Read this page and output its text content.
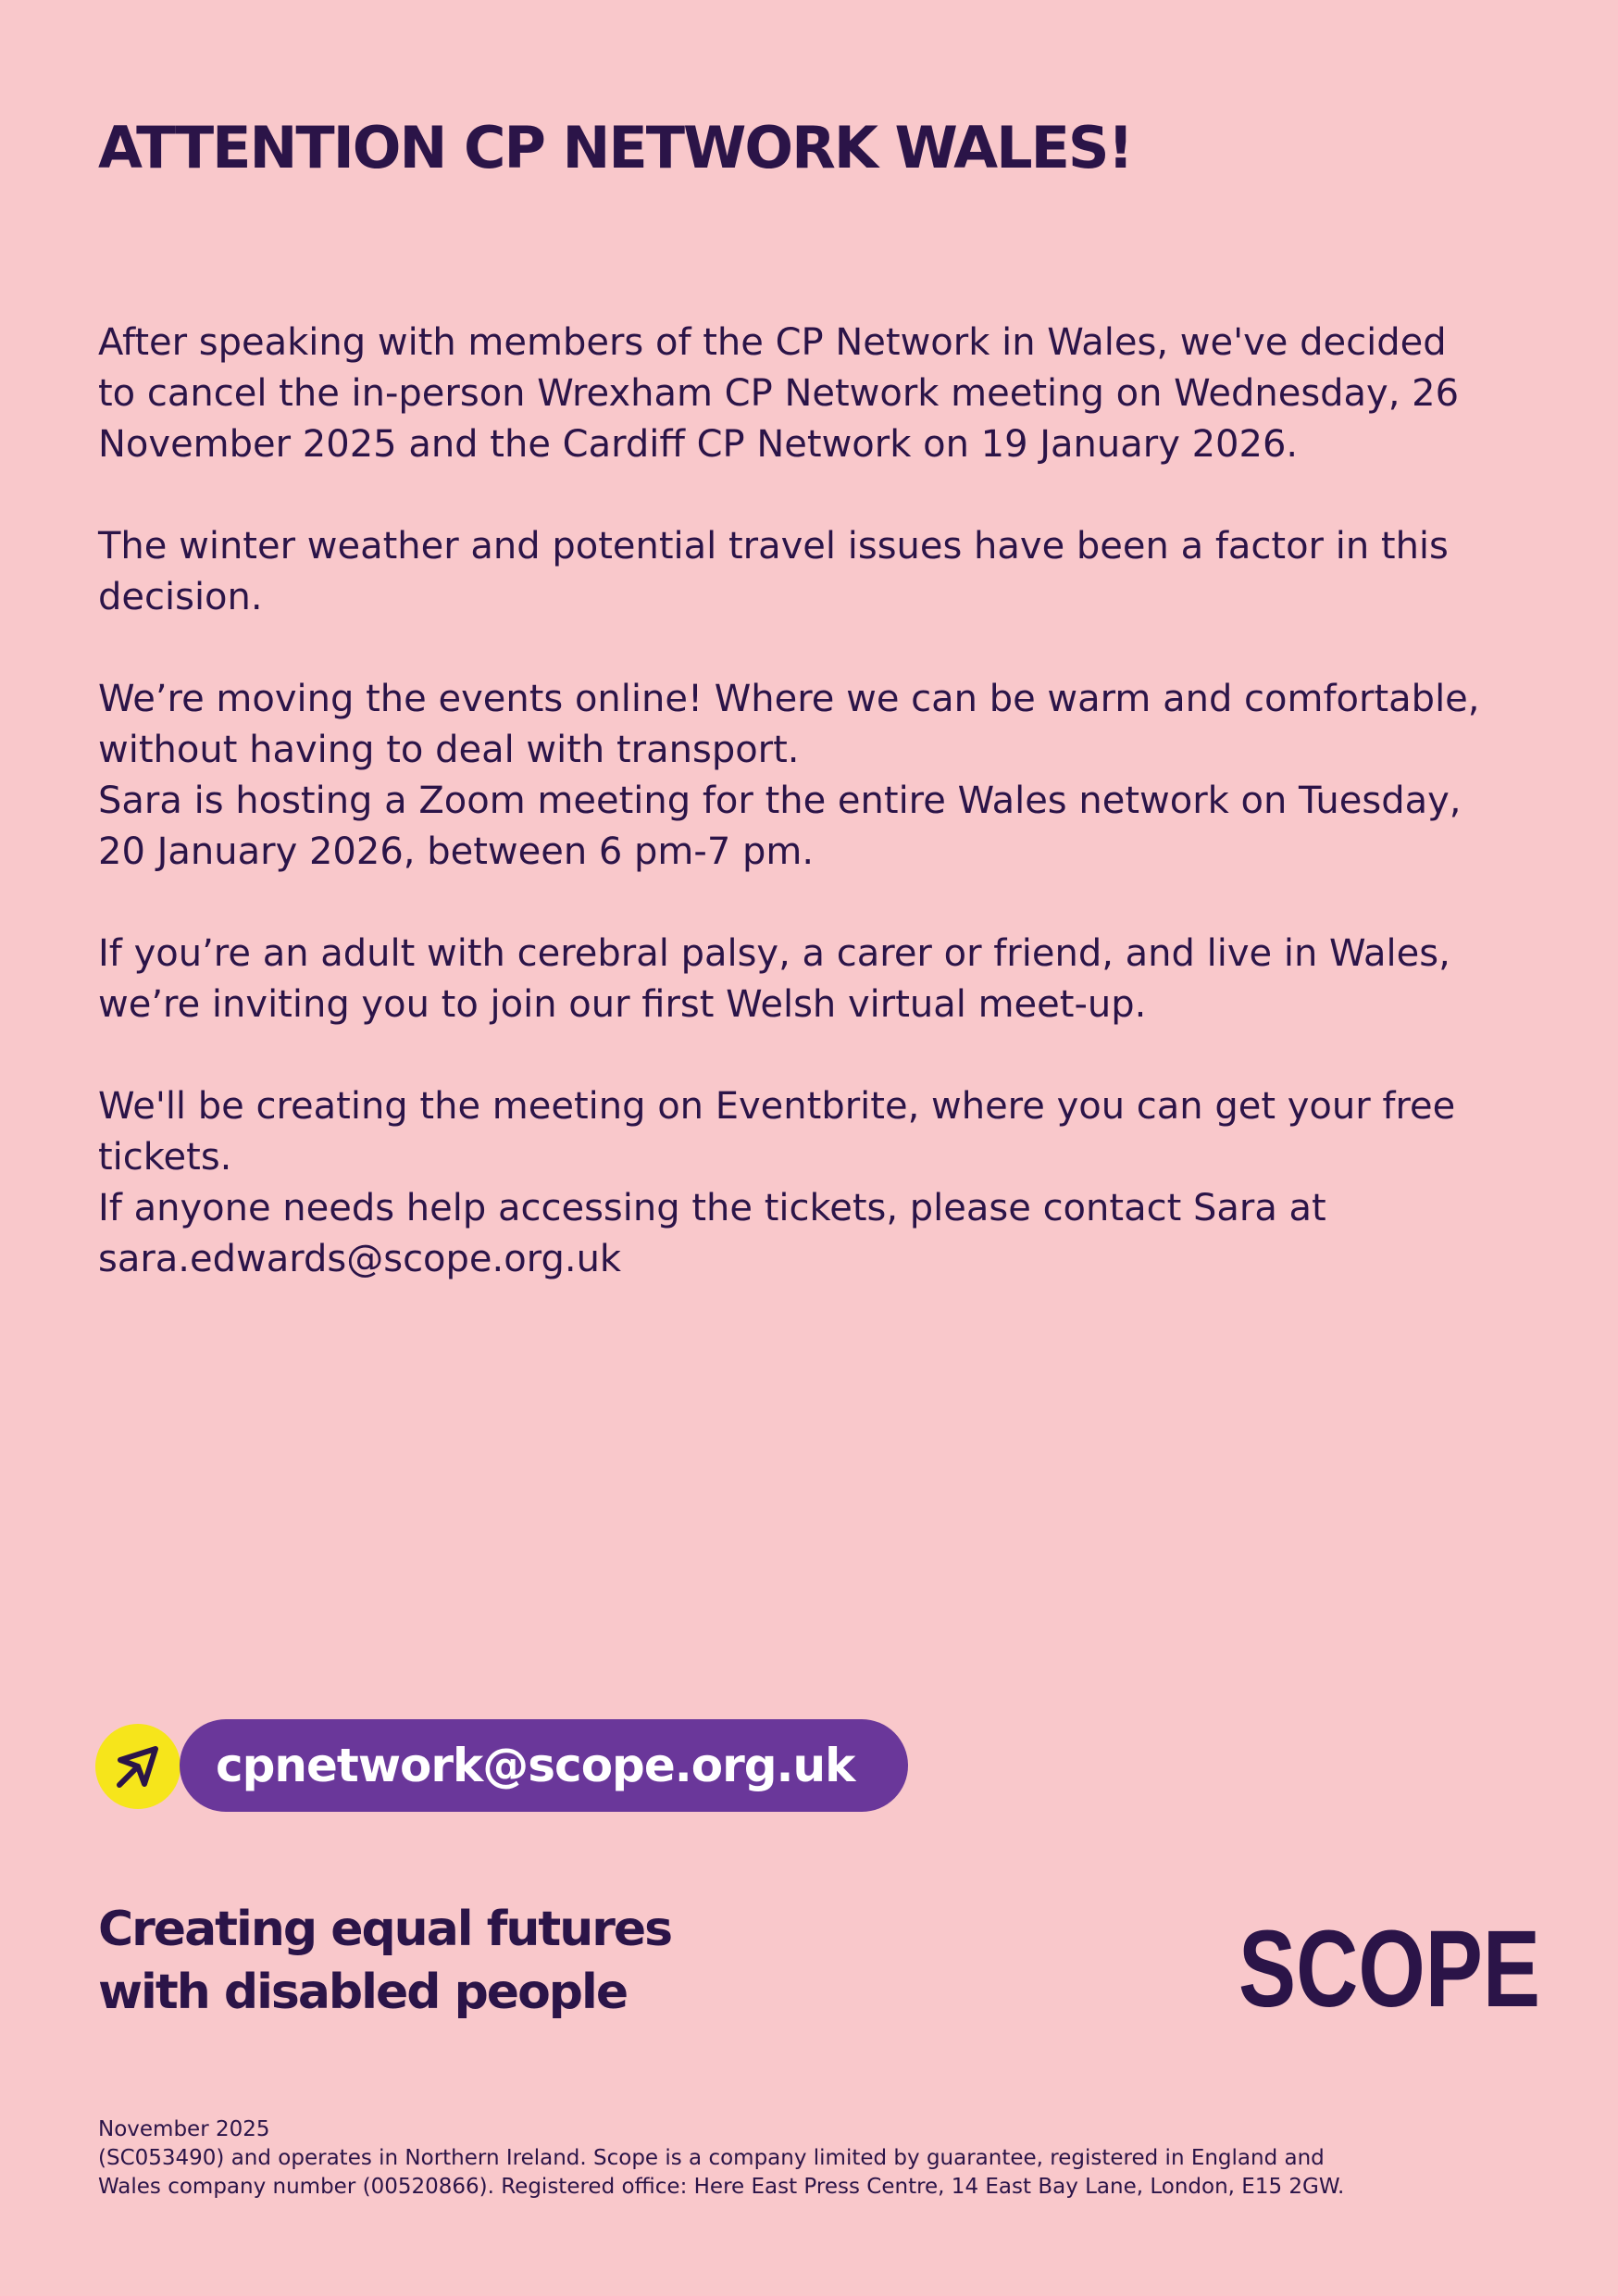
ATTENTION CP NETWORK WALES!
After speaking with members of the CP Network in Wales, we've decided
to cancel the in-person Wrexham CP Network meeting on Wednesday, 26
November 2025 and the Cardiff CP Network on 19 January 2026.
The winter weather and potential travel issues have been a factor in this
decision.
We’re moving the events online! Where we can be warm and comfortable,
without having to deal with transport.
Sara is hosting a Zoom meeting for the entire Wales network on Tuesday,
20 January 2026, between 6 pm-7 pm.
If you’re an adult with cerebral palsy, a carer or friend, and live in Wales,
we’re inviting you to join our first Welsh virtual meet-up.
We'll be creating the meeting on Eventbrite, where you can get your free
tickets.
If anyone needs help accessing the tickets, please contact Sara at
sara.edwards@scope.org.uk
cpnetwork@scope.org.uk
Creating equal futures
with disabled people	SCOPE
November 2025
(SC053490) and operates in Northern Ireland. Scope is a company limited by guarantee, registered in England and
Wales company number (00520866). Registered office: Here East Press Centre, 14 East Bay Lane, London, E15 2GW.
